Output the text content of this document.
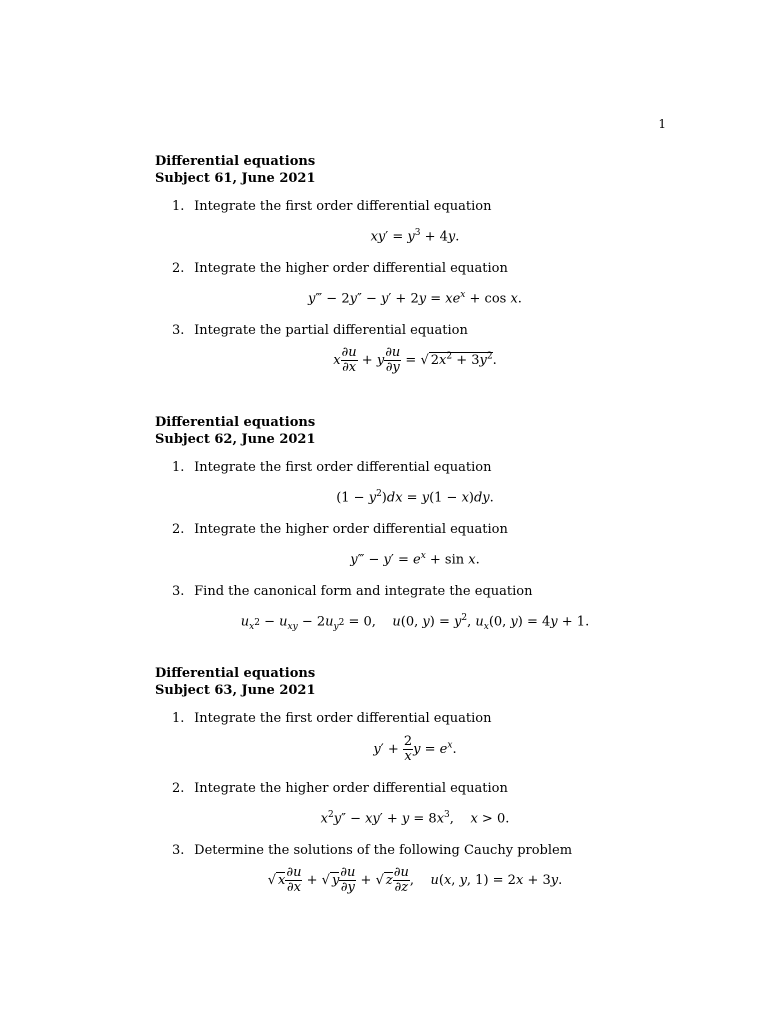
1
Differential equations
Subject 61, June 2021
1. Integrate the first order differential equation
$xy' = y^3 + 4y$.
2. Integrate the higher order differential equation
y‴ − $2y'' - y' + 2y = xe^x + \cos x$.
3. Integrate the partial differential equation
x $\frac{\partial u}{\partial x} + y \frac{\partial u}{\partial y}$ = √ $2x^2 + 3y^2$.
Differential equations
Subject 62, June 2021
1. Integrate the first order differential equation
$(1 - y^2)dx = y(1 - x)dy$.
2. Integrate the higher order differential equation
y‴ − $y' = e^x + \sin x$.
3. Find the canonical form and integrate the equation
$u_{x^2} - u_{xy} - 2u_{y^2} = 0$,    u(0, $y) = y^2$, $u_x(0$, y) = 4y + 1.
Differential equations
Subject 63, June 2021
1. Integrate the first order differential equation
$y' + \frac{2}{x}$ $y = e^x$.
2. Integrate the higher order differential equation
$x^2y'' - xy' + y = 8x^3$,    x > 0.
3. Determine the solutions of the following Cauchy problem
√ x $\frac{\partial u}{\partial x}$ + √ y $\frac{\partial u}{\partial y}$ + √ z $\frac{\partial u}{\partial z}$ ,    u(x, y, 1) = 2x + 3y.
